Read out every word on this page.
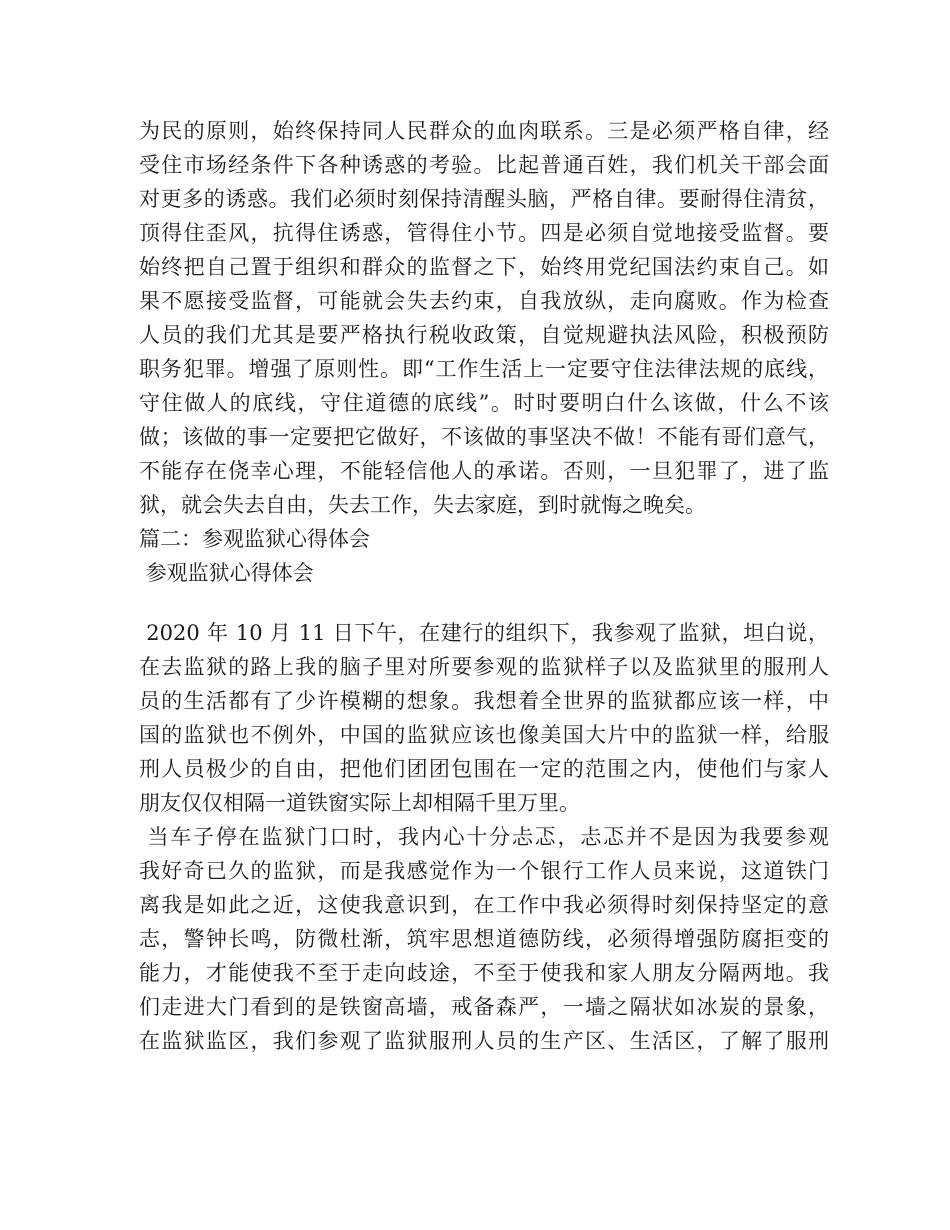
为民的原则，始终保持同人民群众的血肉联系。三是必须严格自律，经
受住市场经条件下各种诱惑的考验。比起普通百姓，我们机关干部会面
对更多的诱惑。我们必须时刻保持清醒头脑，严格自律。要耐得住清贫，
顶得住歪风，抗得住诱惑，管得住小节。四是必须自觉地接受监督。要
始终把自己置于组织和群众的监督之下，始终用党纪国法约束自己。如
果不愿接受监督，可能就会失去约束，自我放纵，走向腐败。作为检查
人员的我们尤其是要严格执行税收政策，自觉规避执法风险，积极预防
职务犯罪。增强了原则性。即“工作生活上一定要守住法律法规的底线，
守住做人的底线，守住道德的底线”。时时要明白什么该做，什么不该
做；该做的事一定要把它做好，不该做的事坚决不做！不能有哥们意气，
不能存在侥幸心理，不能轻信他人的承诺。否则，一旦犯罪了，进了监
狱，就会失去自由，失去工作，失去家庭，到时就悔之晚矣。
篇二：参观监狱心得体会
参观监狱心得体会
2020 年 10 月 11 日下午，在建行的组织下，我参观了监狱，坦白说，
在去监狱的路上我的脑子里对所要参观的监狱样子以及监狱里的服刑人
员的生活都有了少许模糊的想象。我想着全世界的监狱都应该一样，中
国的监狱也不例外，中国的监狱应该也像美国大片中的监狱一样，给服
刑人员极少的自由，把他们团团包围在一定的范围之内，使他们与家人
朋友仅仅相隔一道铁窗实际上却相隔千里万里。
当车子停在监狱门口时，我内心十分忐忑，忐忑并不是因为我要参观
我好奇已久的监狱，而是我感觉作为一个银行工作人员来说，这道铁门
离我是如此之近，这使我意识到，在工作中我必须得时刻保持坚定的意
志，警钟长鸣，防微杜渐，筑牢思想道德防线，必须得增强防腐拒变的
能力，才能使我不至于走向歧途，不至于使我和家人朋友分隔两地。我
们走进大门看到的是铁窗高墙，戒备森严，一墙之隔状如冰炭的景象，
在监狱监区，我们参观了监狱服刑人员的生产区、生活区，了解了服刑
